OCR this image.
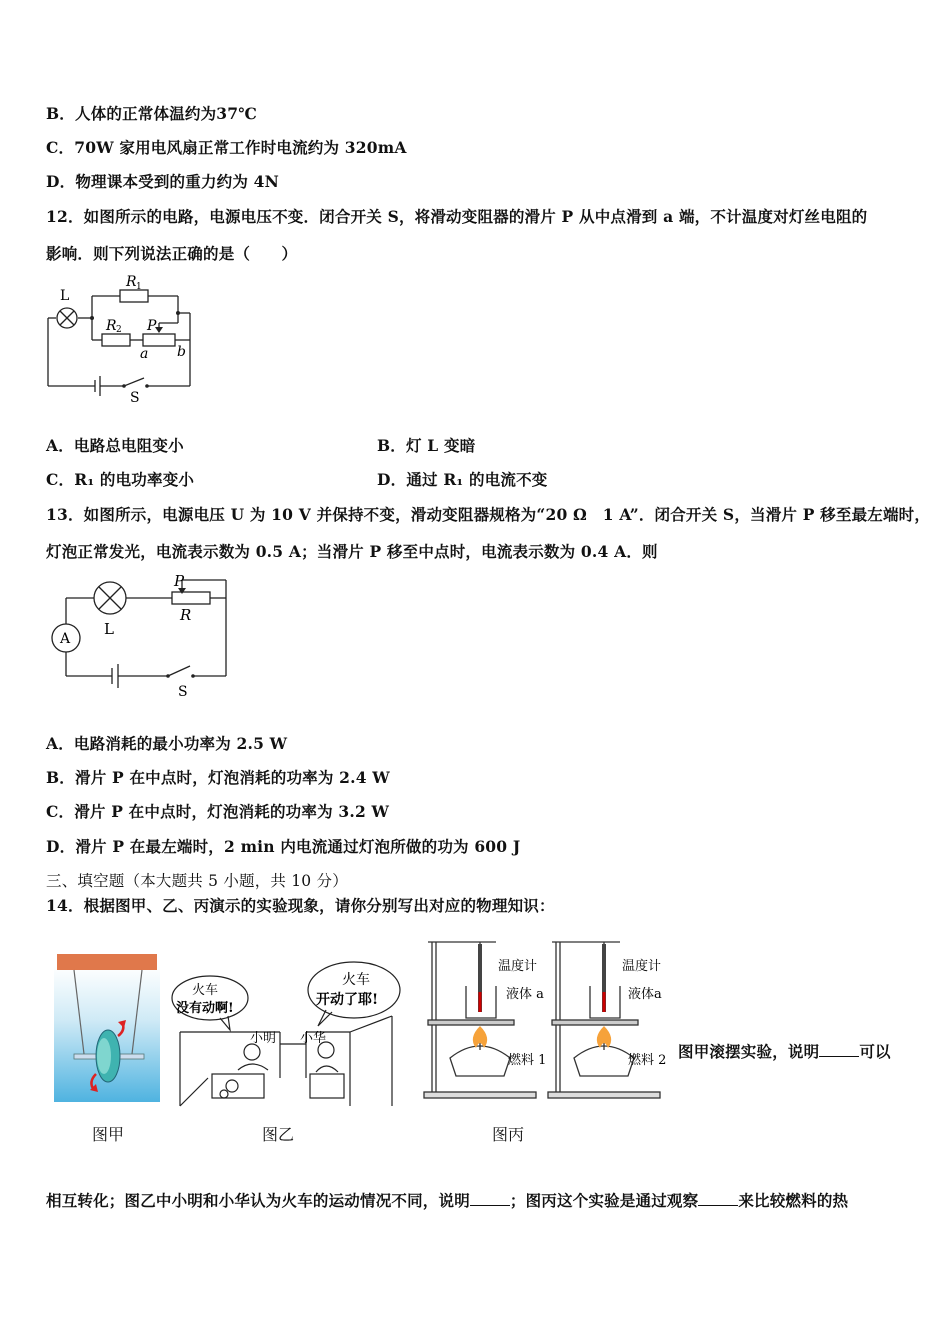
B．人体的正常体温约为37℃
C．70W 家用电风扇正常工作时电流约为 320mA
D．物理课本受到的重力约为 4N
12．如图所示的电路，电源电压不变．闭合开关 S，将滑动变阻器的滑片 P 从中点滑到 a 端，不计温度对灯丝电阻的
影响．则下列说法正确的是（　　）
L
R 1
R 2 P
a b
S
A．电路总电阻变小	B．灯 L 变暗
C．R₁ 的电功率变小	D．通过 R₁ 的电流不变
13．如图所示，电源电压 U 为 10 V 并保持不变，滑动变阻器规格为“20 Ω　1 A”．闭合开关 S，当滑片 P 移至最左端时，
灯泡正常发光，电流表示数为 0.5 A；当滑片 P 移至中点时，电流表示数为 0.4 A．则
A
L
P
R
S
A．电路消耗的最小功率为 2.5 W
B．滑片 P 在中点时，灯泡消耗的功率为 2.4 W
C．滑片 P 在中点时，灯泡消耗的功率为 3.2 W
D．滑片 P 在最左端时，2 min 内电流通过灯泡所做的功为 600 J
三、填空题（本大题共 5 小题，共 10 分）
14．根据图甲、乙、丙演示的实验现象，请你分别写出对应的物理知识：
火车
没有动啊!
火车
开动了耶!
小明 小华
温度计
液体 a
燃料 1
温度计
液体a
燃料 2 图甲滚摆实验，说明	可以
图甲	图乙	图丙
相互转化；图乙中小明和小华认为火车的运动情况不同，说明	；图丙这个实验是通过观察	来比较燃料的热
